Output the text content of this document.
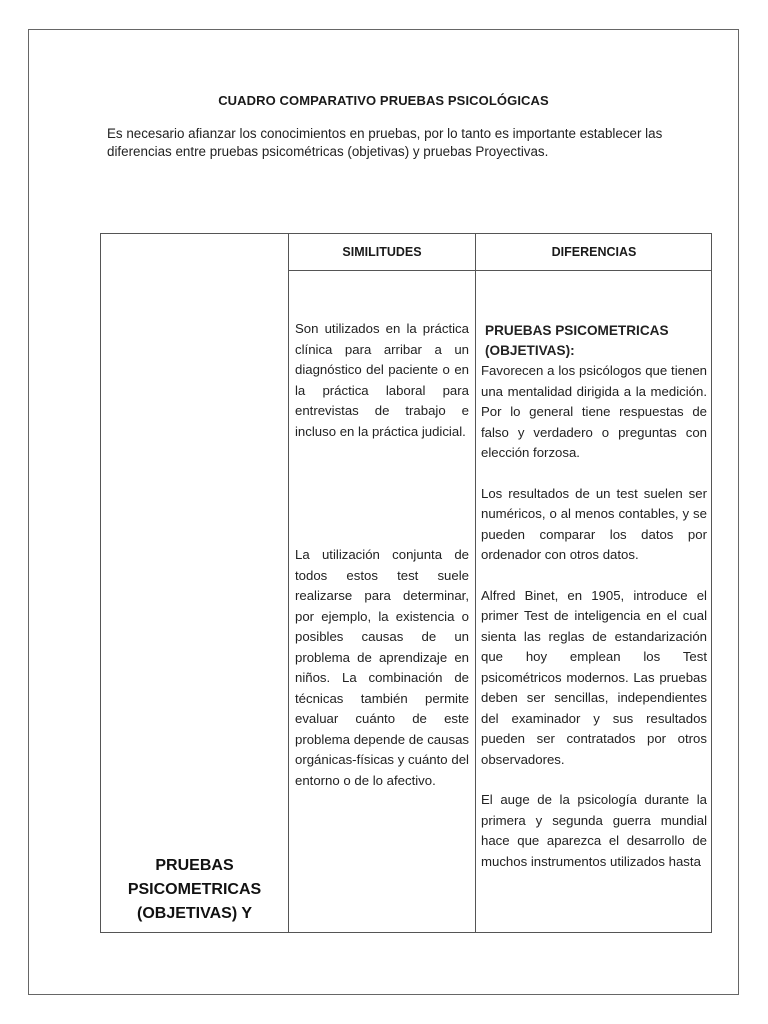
CUADRO COMPARATIVO PRUEBAS PSICOLÓGICAS
Es necesario afianzar los conocimientos en pruebas, por lo tanto es importante establecer las diferencias entre pruebas psicométricas (objetivas) y pruebas Proyectivas.
SIMILITUDES	DIFERENCIAS
Son utilizados en la práctica clínica para arribar a un diagnóstico del paciente o en la práctica laboral para entrevistas de trabajo e incluso en la práctica judicial.
La utilización conjunta de todos estos test suele realizarse para determinar, por ejemplo, la existencia o posibles causas de un problema de aprendizaje en niños. La combinación de técnicas también permite evaluar cuánto de este problema depende de causas orgánicas-físicas y cuánto del entorno o de lo afectivo.

PRUEBAS PSICOMETRICAS (OBJETIVAS):

Favorecen a los psicólogos que tienen una mentalidad dirigida a la medición. Por lo general tiene respuestas de falso y verdadero o preguntas con elección forzosa.

Los resultados de un test suelen ser numéricos, o al menos contables, y se pueden comparar los datos por ordenador con otros datos.

Alfred Binet, en 1905, introduce el primer Test de inteligencia en el cual sienta las reglas de estandarización que hoy emplean los Test psicométricos modernos. Las pruebas deben ser sencillas, independientes del examinador y sus resultados pueden ser contratados por otros observadores.

El auge de la psicología durante la primera y segunda guerra mundial hace que aparezca el desarrollo de muchos instrumentos utilizados hasta

PRUEBAS PSICOMETRICAS (OBJETIVAS) Y
